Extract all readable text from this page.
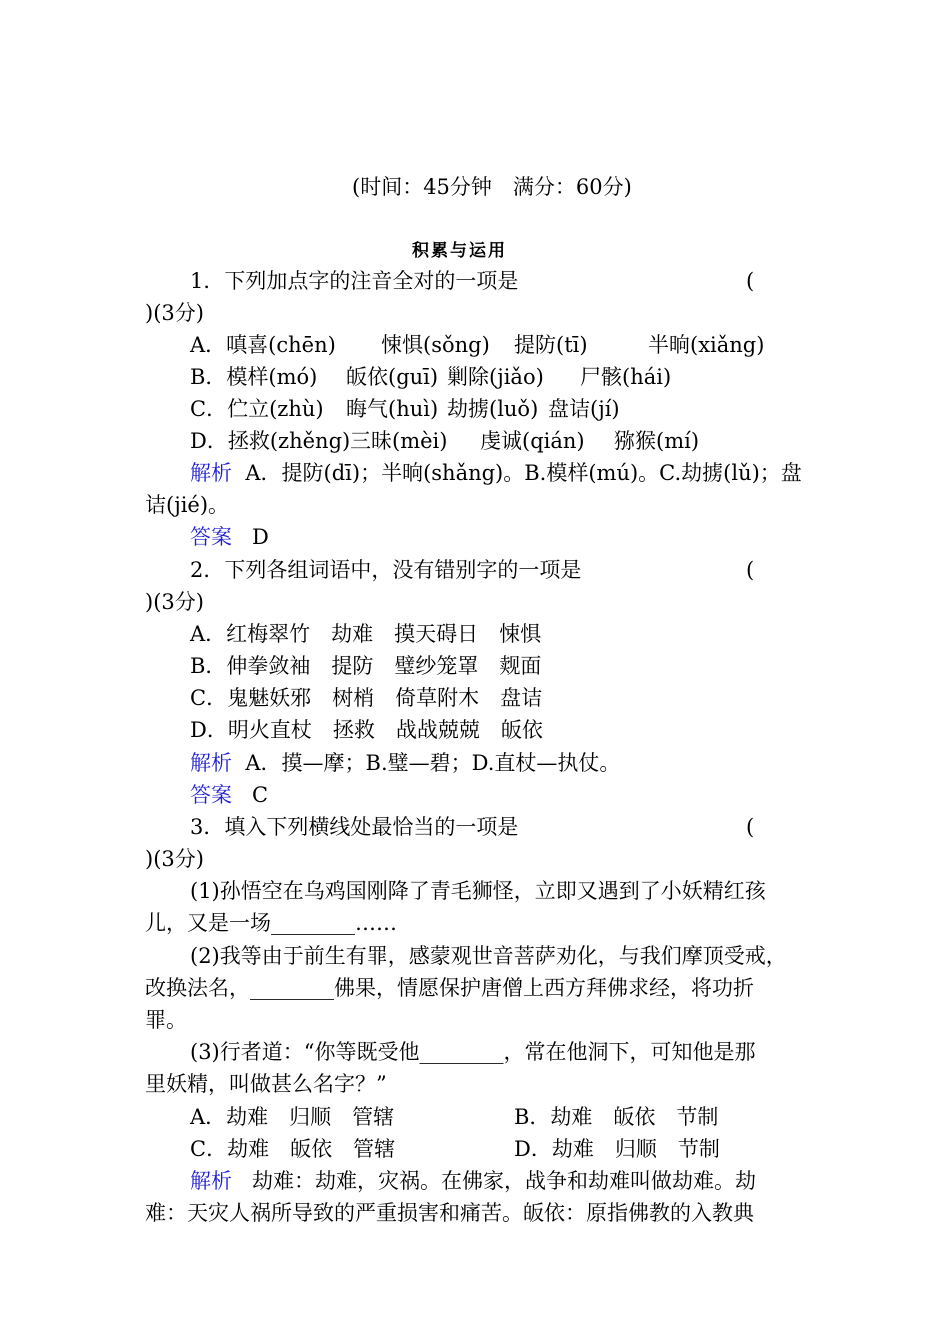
(时间：45分钟　满分：60分)
积累与运用
1．下列加点字的注音全对的一项是	(
)(3分)
A．嗔喜(chēn) 悚惧(sǒng) 提防(tī)	半晌(xiǎng)
B．模样(mó) 皈依(guī) 剿除(jiǎo) 尸骸(hái)
C．伫立(zhù) 晦气(huì) 劫掳(luǒ) 盘诘(jí)
D．拯救(zhěng) 三昧(mèi) 虔诚(qián) 猕猴(mí)
解析 A．提防(dī)；半晌(shǎng)。B.模样(mú)。C.劫掳(lǔ)；盘
诘(jié)。
答案 D
2．下列各组词语中，没有错别字的一项是	(
)(3分)
A．红梅翠竹　劫难　摸天碍日　悚惧
B．伸拳敛袖　提防　璧纱笼罩　觌面
C．鬼魅妖邪　树梢　倚草附木　盘诘
D．明火直杖　拯救　战战兢兢　皈依
解析 A．摸—摩；B.璧—碧；D.直杖—执仗。
答案 C
3．填入下列横线处最恰当的一项是	(
)(3分)
(1)孙悟空在乌鸡国刚降了青毛狮怪，立即又遇到了小妖精红孩
儿，又是一场________……
(2)我等由于前生有罪，感蒙观世音菩萨劝化，与我们摩顶受戒，
改换法名，________佛果，情愿保护唐僧上西方拜佛求经，将功折
罪。
(3)行者道：“你等既受他________，常在他洞下，可知他是那
里妖精，叫做甚么名字？”
A．劫难　归顺　管辖	B．劫难　皈依　节制
C．劫难　皈依　管辖	D．劫难　归顺　节制
解析 劫难：劫难，灾祸。在佛家，战争和劫难叫做劫难。劫
难：天灾人祸所导致的严重损害和痛苦。皈依：原指佛教的入教典
